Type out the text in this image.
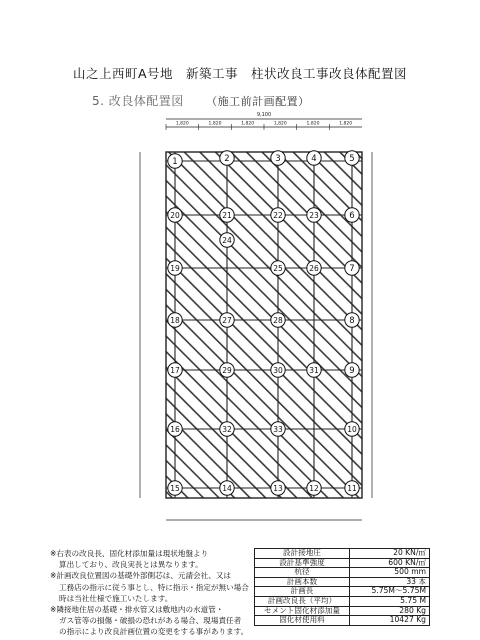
山之上西町A号地　新築工事　柱状改良工事改良体配置図
5. 改良体配置図 （施工前計画配置）
9,100
1,820	1,820	1,820	1,820	1,820	1,820
1	2	3	4	5
20	21	22	23	6
24
19	25	26	7
18	27	28	8
17	29	30	31	9
16	32	33	10
15	14	13	12	11
※右表の改良長、固化材添加量は現状地盤より
算出しており、改良実長とは異なります。
※計画改良位置図の基礎外部側芯は、元請会社、又は
工務店の指示に従う事とし、特に指示・指定が無い場合
時は当社仕様で施工いたします。
※隣接地住居の基礎・排水管又は敷地内の水道管・
ガス管等の損傷・破損の恐れがある場合、現場責任者
の指示により改良計画位置の変更をする事があります。
設計接地圧	20 KN/㎡
設計基準強度	600 KN/㎡
杭径	500 mm
計画本数	33 本
計画長	5.75M～5.75M
計画改良長（平均）	5.75 M
セメント固化材添加量	280 Kg
固化材使用料	10427 Kg
